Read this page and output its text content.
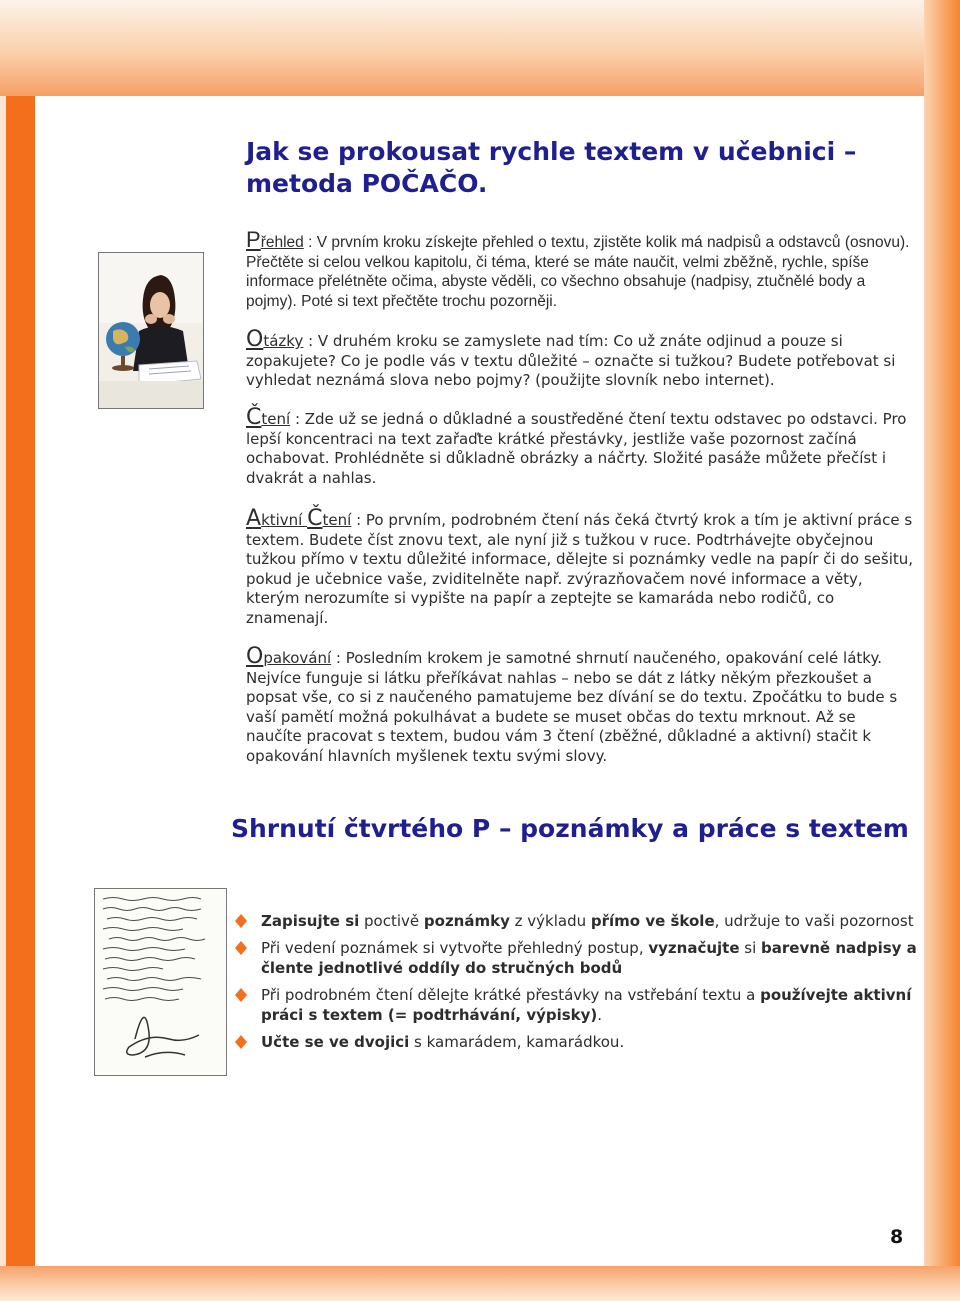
Jak se prokousat rychle textem v učebnici – metoda POČAČO.

Přehled : V prvním kroku získejte přehled o textu, zjistěte kolik má nadpisů a odstavců (osnovu). Přečtěte si celou velkou kapitolu, či téma, které se máte naučit, velmi zběžně, rychle, spíše informace přelétněte očima, abyste věděli, co všechno obsahuje (nadpisy, ztučnělé body a pojmy). Poté si text přečtěte trochu pozorněji.

Otázky : V druhém kroku se zamyslete nad tím: Co už znáte odjinud a pouze si zopakujete? Co je podle vás v textu důležité – označte si tužkou? Budete potřebovat si vyhledat neznámá slova nebo pojmy? (použijte slovník nebo internet).

Čtení : Zde už se jedná o důkladné a soustředěné čtení textu odstavec po odstavci. Pro lepší koncentraci na text zařaďte krátké přestávky, jestliže vaše pozornost začíná ochabovat. Prohlédněte si důkladně obrázky a náčrty. Složité pasáže můžete přečíst i dvakrát a nahlas.

Aktivní Čtení : Po prvním, podrobném čtení nás čeká čtvrtý krok a tím je aktivní práce s textem. Budete číst znovu text, ale nyní již s tužkou v ruce. Podtrhávejte obyčejnou tužkou přímo v textu důležité informace, dělejte si poznámky vedle na papír či do sešitu, pokud je učebnice vaše, zviditelněte např. zvýrazňovačem nové informace a věty, kterým nerozumíte si vypište na papír a zeptejte se kamaráda nebo rodičů, co znamenají.

Opakování : Posledním krokem je samotné shrnutí naučeného, opakování celé látky. Nejvíce funguje si látku přeříkávat nahlas – nebo se dát z látky někým přezkoušet a popsat vše, co si z naučeného pamatujeme bez dívání se do textu. Zpočátku to bude s vaší pamětí možná pokulhávat a budete se muset občas do textu mrknout. Až se naučíte pracovat s textem, budou vám 3 čtení (zběžné, důkladné a aktivní) stačit k opakování hlavních myšlenek textu svými slovy.

Shrnutí čtvrtého P – poznámky a práce s textem
Zapisujte si poctivě poznámky z výkladu přímo ve škole, udržuje to vaši pozornost
Při vedení poznámek si vytvořte přehledný postup, vyznačujte si barevně nadpisy a člente jednotlivé oddíly do stručných bodů
Při podrobném čtení dělejte krátké přestávky na vstřebání textu a používejte aktivní práci s textem (= podtrhávání, výpisky).
Učte se ve dvojici s kamarádem, kamarádkou.
8
